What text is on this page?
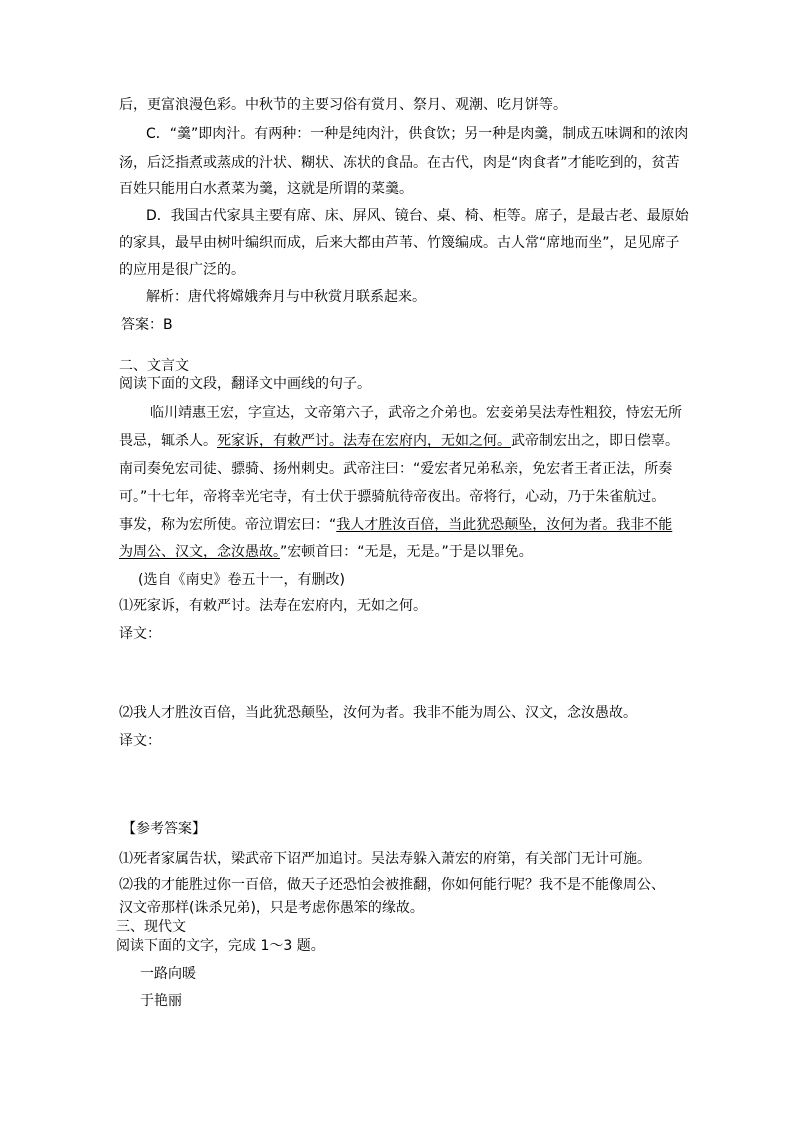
后，更富浪漫色彩。中秋节的主要习俗有赏月、祭月、观潮、吃月饼等。
C．“羹”即肉汁。有两种：一种是纯肉汁，供食饮；另一种是肉羹，制成五味调和的浓肉
汤，后泛指煮或蒸成的汁状、糊状、冻状的食品。在古代，肉是“肉食者”才能吃到的，贫苦
百姓只能用白水煮菜为羹，这就是所谓的菜羹。
D．我国古代家具主要有席、床、屏风、镜台、桌、椅、柜等。席子，是最古老、最原始
的家具，最早由树叶编织而成，后来大都由芦苇、竹篾编成。古人常“席地而坐”，足见席子
的应用是很广泛的。
解析：唐代将嫦娥奔月与中秋赏月联系起来。
答案：B
二、文言文
阅读下面的文段，翻译文中画线的句子。
临川靖惠王宏，字宣达，文帝第六子，武帝之介弟也。宏妾弟吴法寿性粗狡，恃宏无所
畏忌，辄杀人。死家诉，有敕严讨。法寿在宏府内，无如之何。武帝制宏出之，即日偿辜。
南司奏免宏司徒、骠骑、扬州刺史。武帝注曰：“爱宏者兄弟私亲，免宏者王者正法，所奏
可。”十七年，帝将幸光宅寺，有士伏于骠骑航待帝夜出。帝将行，心动，乃于朱雀航过。
事发，称为宏所使。帝泣谓宏曰：“我人才胜汝百倍，当此犹恐颠坠，汝何为者。我非不能
为周公、汉文，念汝愚故。”宏顿首曰：“无是，无是。”于是以罪免。
(选自《南史》卷五十一，有删改)
⑴死家诉，有敕严讨。法寿在宏府内，无如之何。
译文：
⑵我人才胜汝百倍，当此犹恐颠坠，汝何为者。我非不能为周公、汉文，念汝愚故。
译文：
【参考答案】
⑴死者家属告状，梁武帝下诏严加追讨。吴法寿躲入萧宏的府第，有关部门无计可施。
⑵我的才能胜过你一百倍，做天子还恐怕会被推翻，你如何能行呢？我不是不能像周公、
汉文帝那样(诛杀兄弟)，只是考虑你愚笨的缘故。
三、现代文
阅读下面的文字，完成 1～3 题。
一路向暖
于艳丽
